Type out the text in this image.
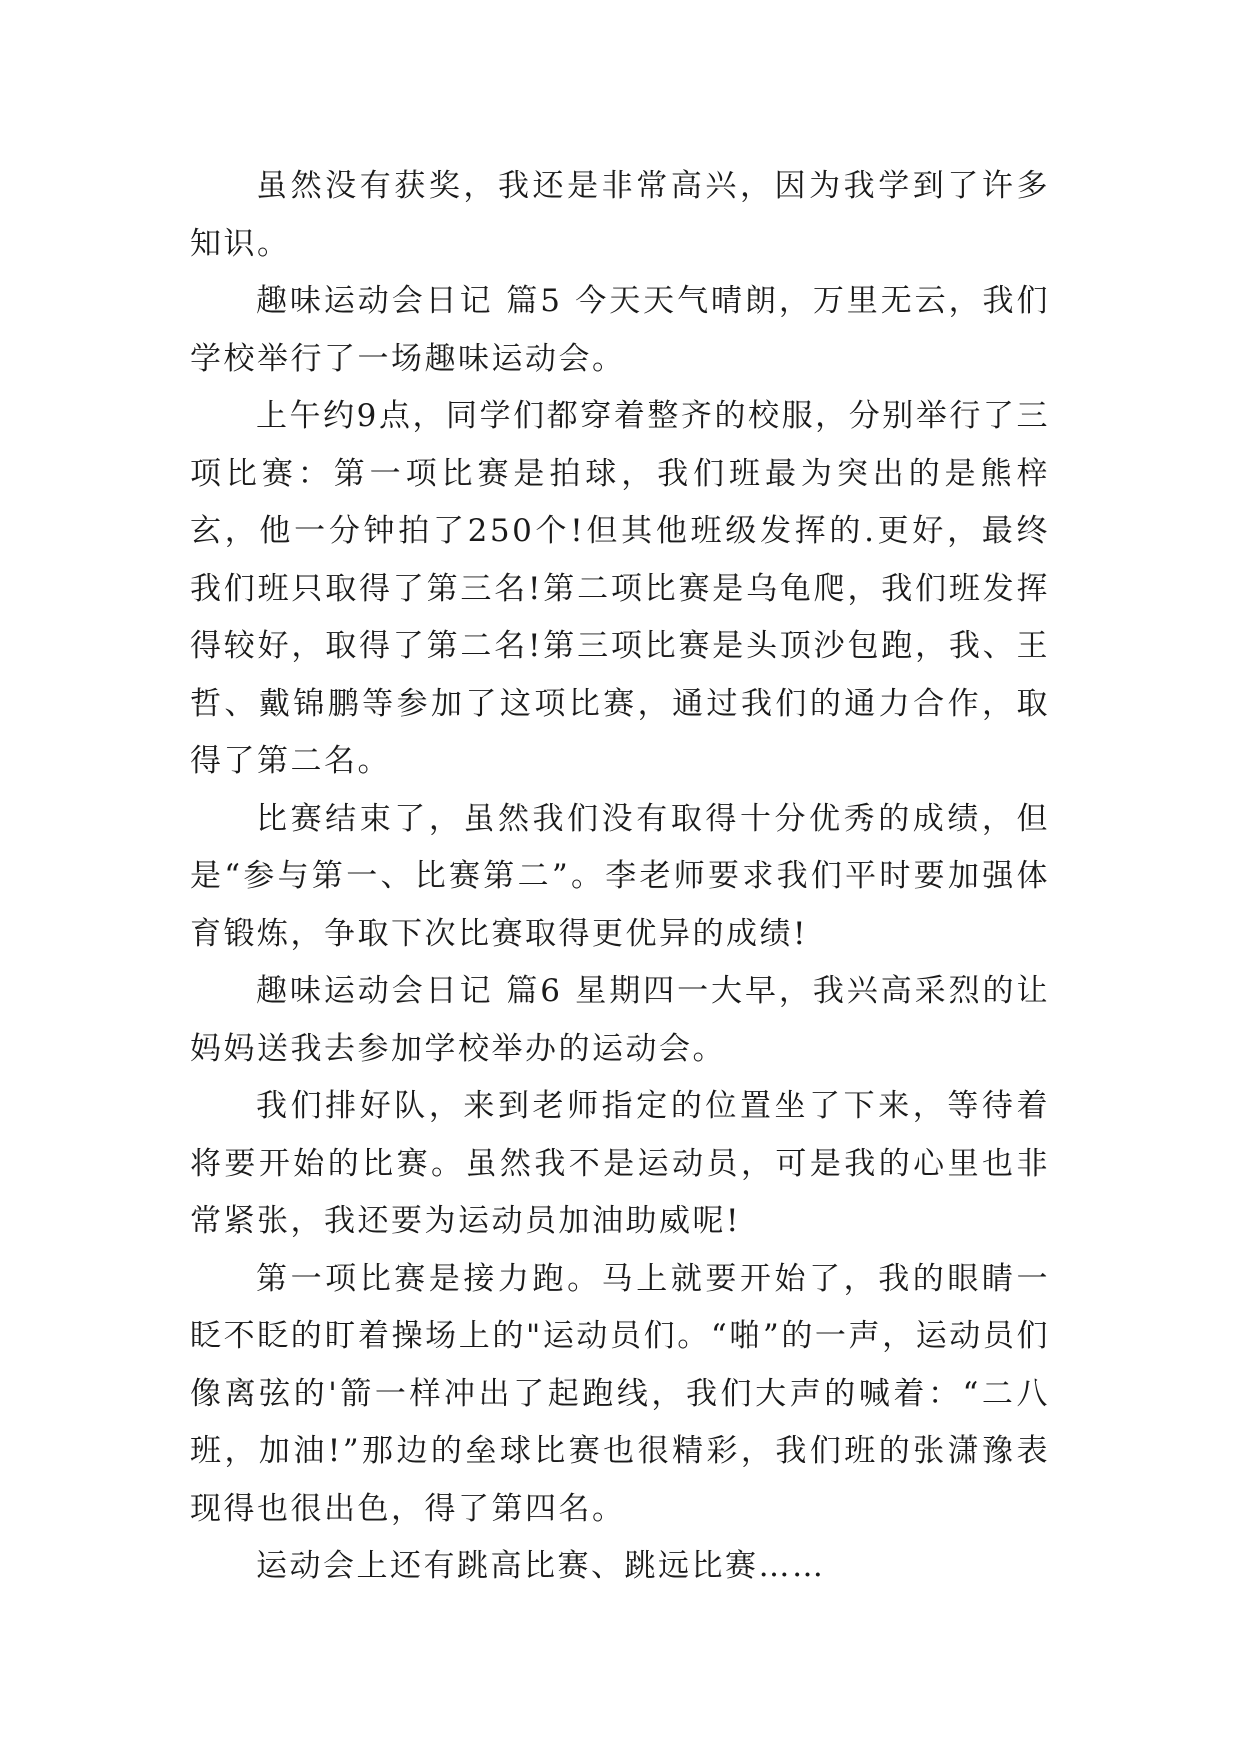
虽然没有获奖，我还是非常高兴，因为我学到了许多知识。

趣味运动会日记 篇5 今天天气晴朗，万里无云，我们学校举行了一场趣味运动会。

上午约9点，同学们都穿着整齐的校服，分别举行了三项比赛：第一项比赛是拍球，我们班最为突出的是熊梓玄，他一分钟拍了250个!但其他班级发挥的.更好，最终我们班只取得了第三名!第二项比赛是乌龟爬，我们班发挥得较好，取得了第二名!第三项比赛是头顶沙包跑，我、王哲、戴锦鹏等参加了这项比赛，通过我们的通力合作，取得了第二名。

比赛结束了，虽然我们没有取得十分优秀的成绩，但是“参与第一、比赛第二”。李老师要求我们平时要加强体育锻炼，争取下次比赛取得更优异的成绩!

趣味运动会日记 篇6 星期四一大早，我兴高采烈的让妈妈送我去参加学校举办的运动会。

我们排好队，来到老师指定的位置坐了下来，等待着将要开始的比赛。虽然我不是运动员，可是我的心里也非常紧张，我还要为运动员加油助威呢!

第一项比赛是接力跑。马上就要开始了，我的眼睛一眨不眨的盯着操场上的"运动员们。“啪”的一声，运动员们像离弦的'箭一样冲出了起跑线，我们大声的喊着：“二八班，加油!”那边的垒球比赛也很精彩，我们班的张潇豫表现得也很出色，得了第四名。

运动会上还有跳高比赛、跳远比赛……
